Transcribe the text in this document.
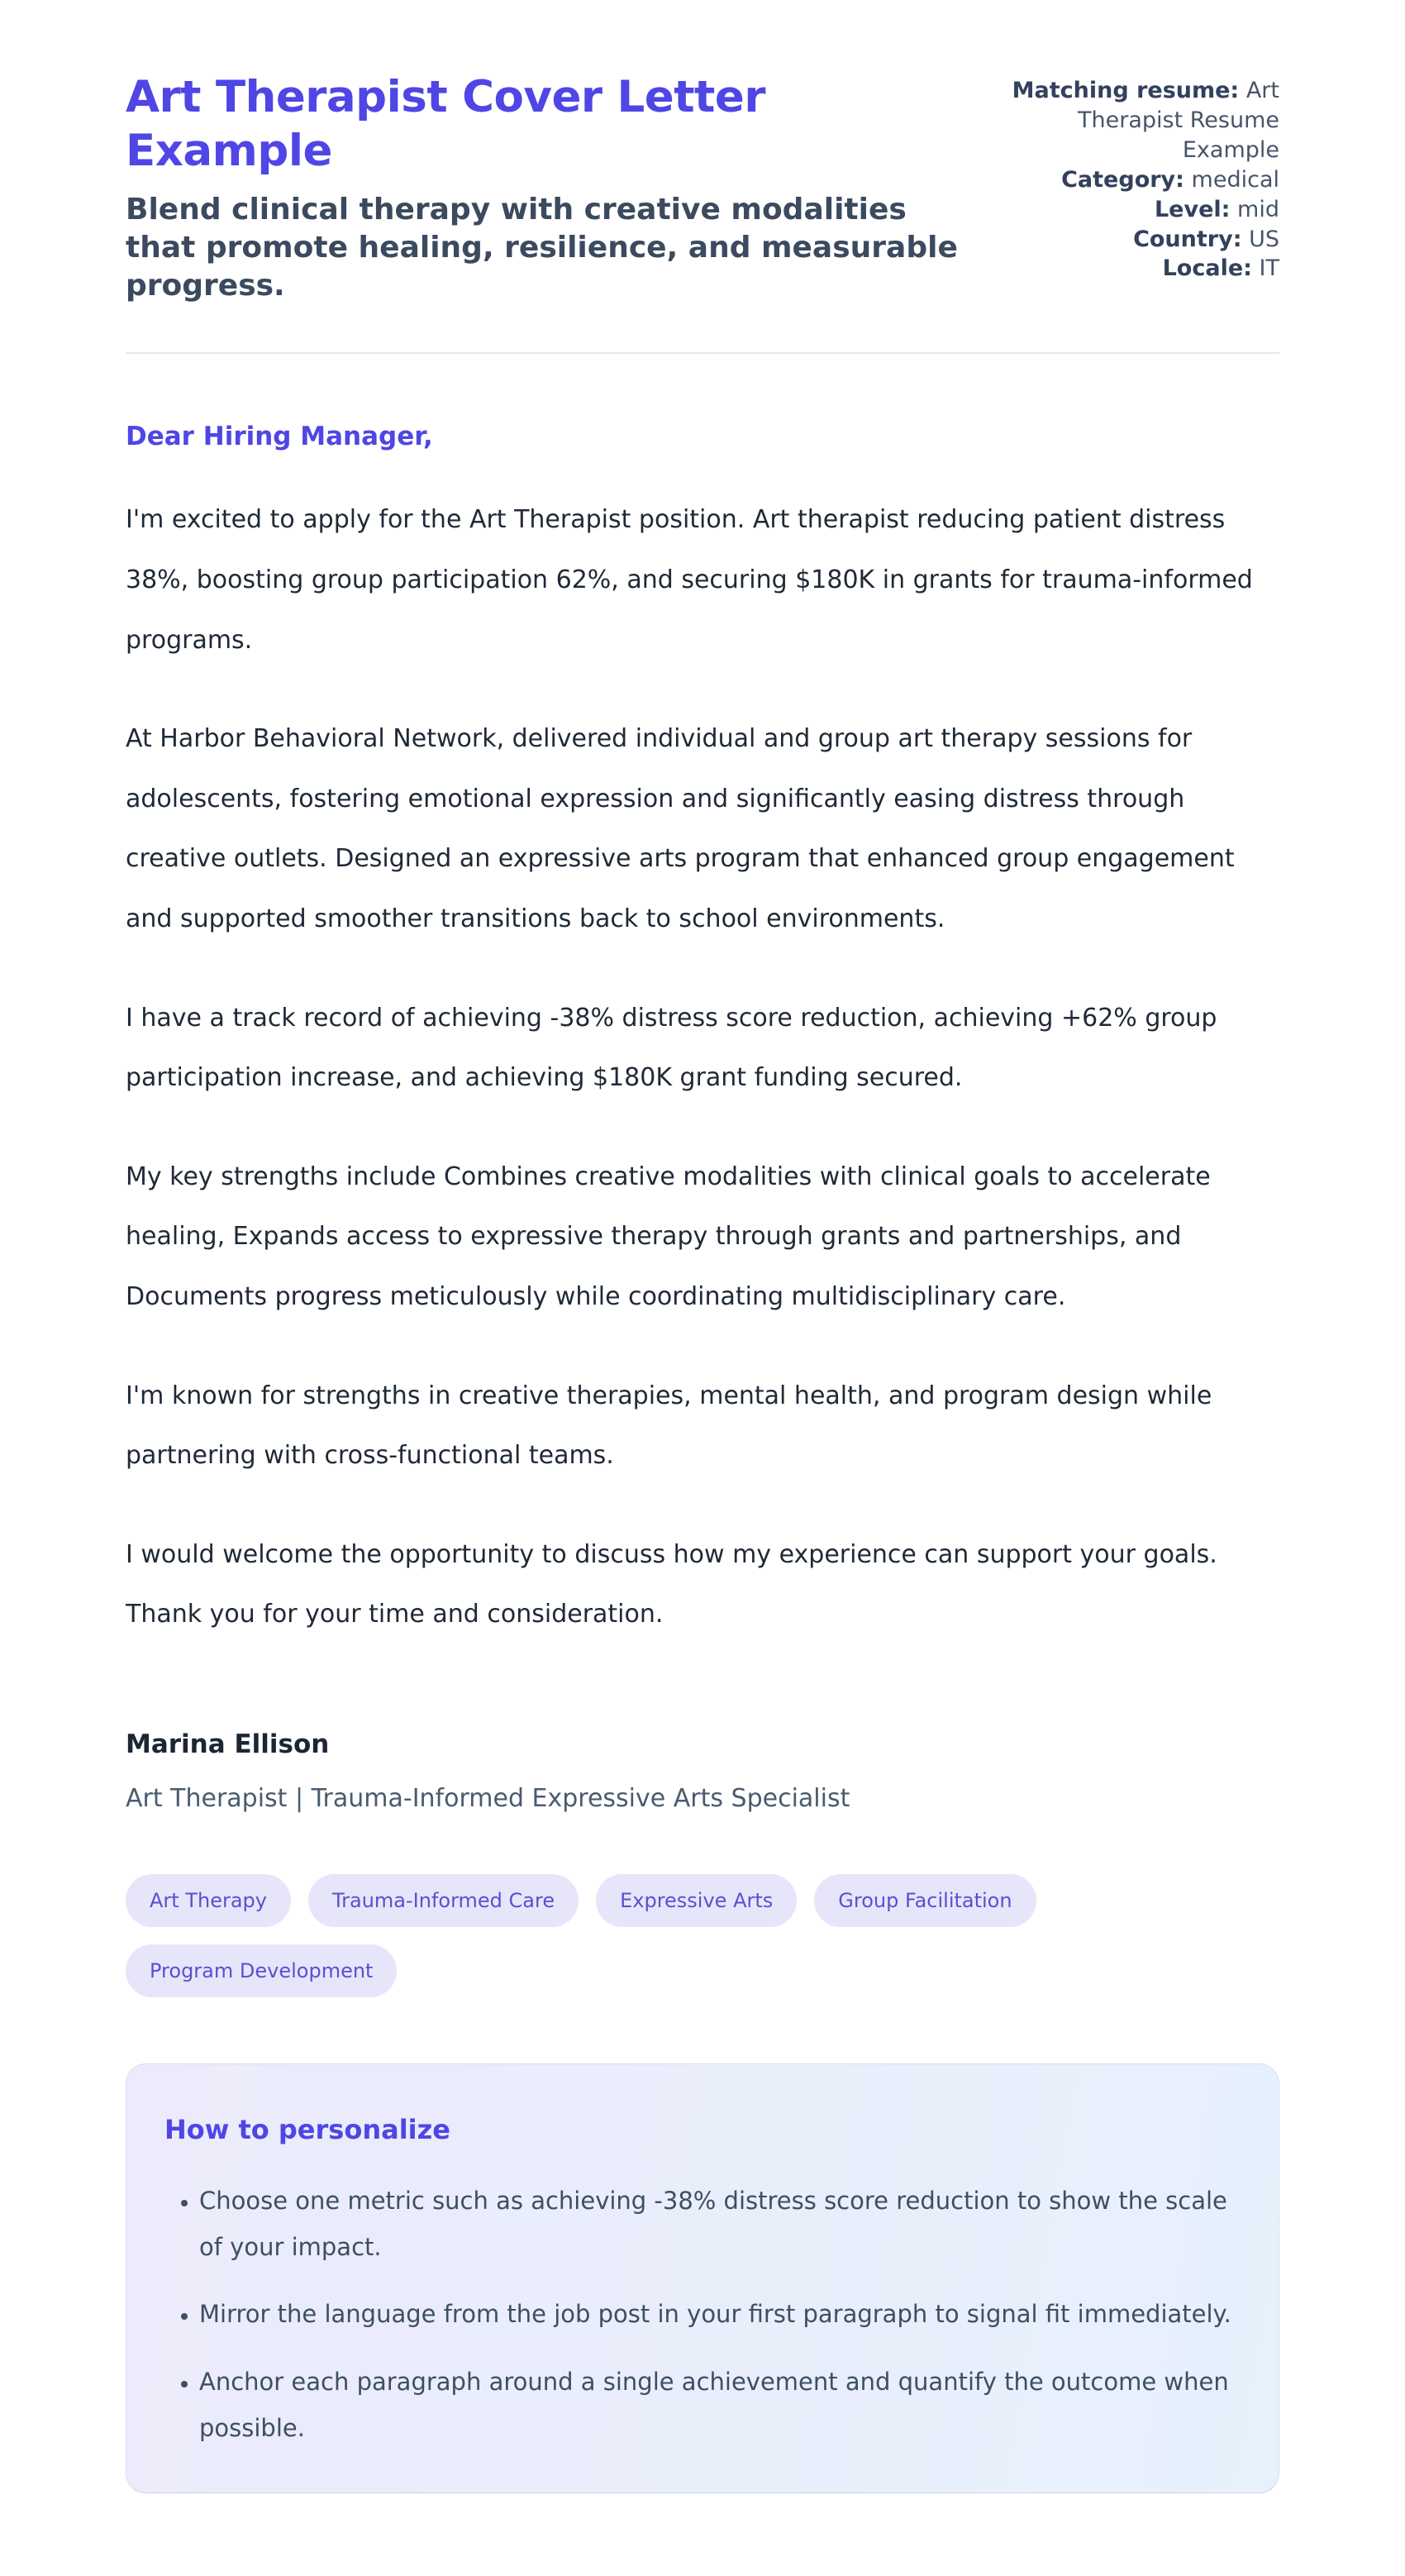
Art Therapist Cover Letter Example

Blend clinical therapy with creative modalities that promote healing, resilience, and measurable progress.

Matching resume: Art Therapist Resume Example
Category: medical
Level: mid
Country: US
Locale: IT

Dear Hiring Manager,

I'm excited to apply for the Art Therapist position. Art therapist reducing patient distress 38%, boosting group participation 62%, and securing $180K in grants for trauma-informed programs.

At Harbor Behavioral Network, delivered individual and group art therapy sessions for adolescents, fostering emotional expression and significantly easing distress through creative outlets. Designed an expressive arts program that enhanced group engagement and supported smoother transitions back to school environments.

I have a track record of achieving -38% distress score reduction, achieving +62% group participation increase, and achieving $180K grant funding secured.

My key strengths include Combines creative modalities with clinical goals to accelerate healing, Expands access to expressive therapy through grants and partnerships, and Documents progress meticulously while coordinating multidisciplinary care.

I'm known for strengths in creative therapies, mental health, and program design while partnering with cross-functional teams.

I would welcome the opportunity to discuss how my experience can support your goals. Thank you for your time and consideration.

Marina Ellison

Art Therapist | Trauma-Informed Expressive Arts Specialist

Art Therapy	Trauma-Informed Care	Expressive Arts	Group Facilitation
Program Development
How to personalize
• Choose one metric such as achieving -38% distress score reduction to show the scale of your impact.
• Mirror the language from the job post in your first paragraph to signal fit immediately.
• Anchor each paragraph around a single achievement and quantify the outcome when possible.
